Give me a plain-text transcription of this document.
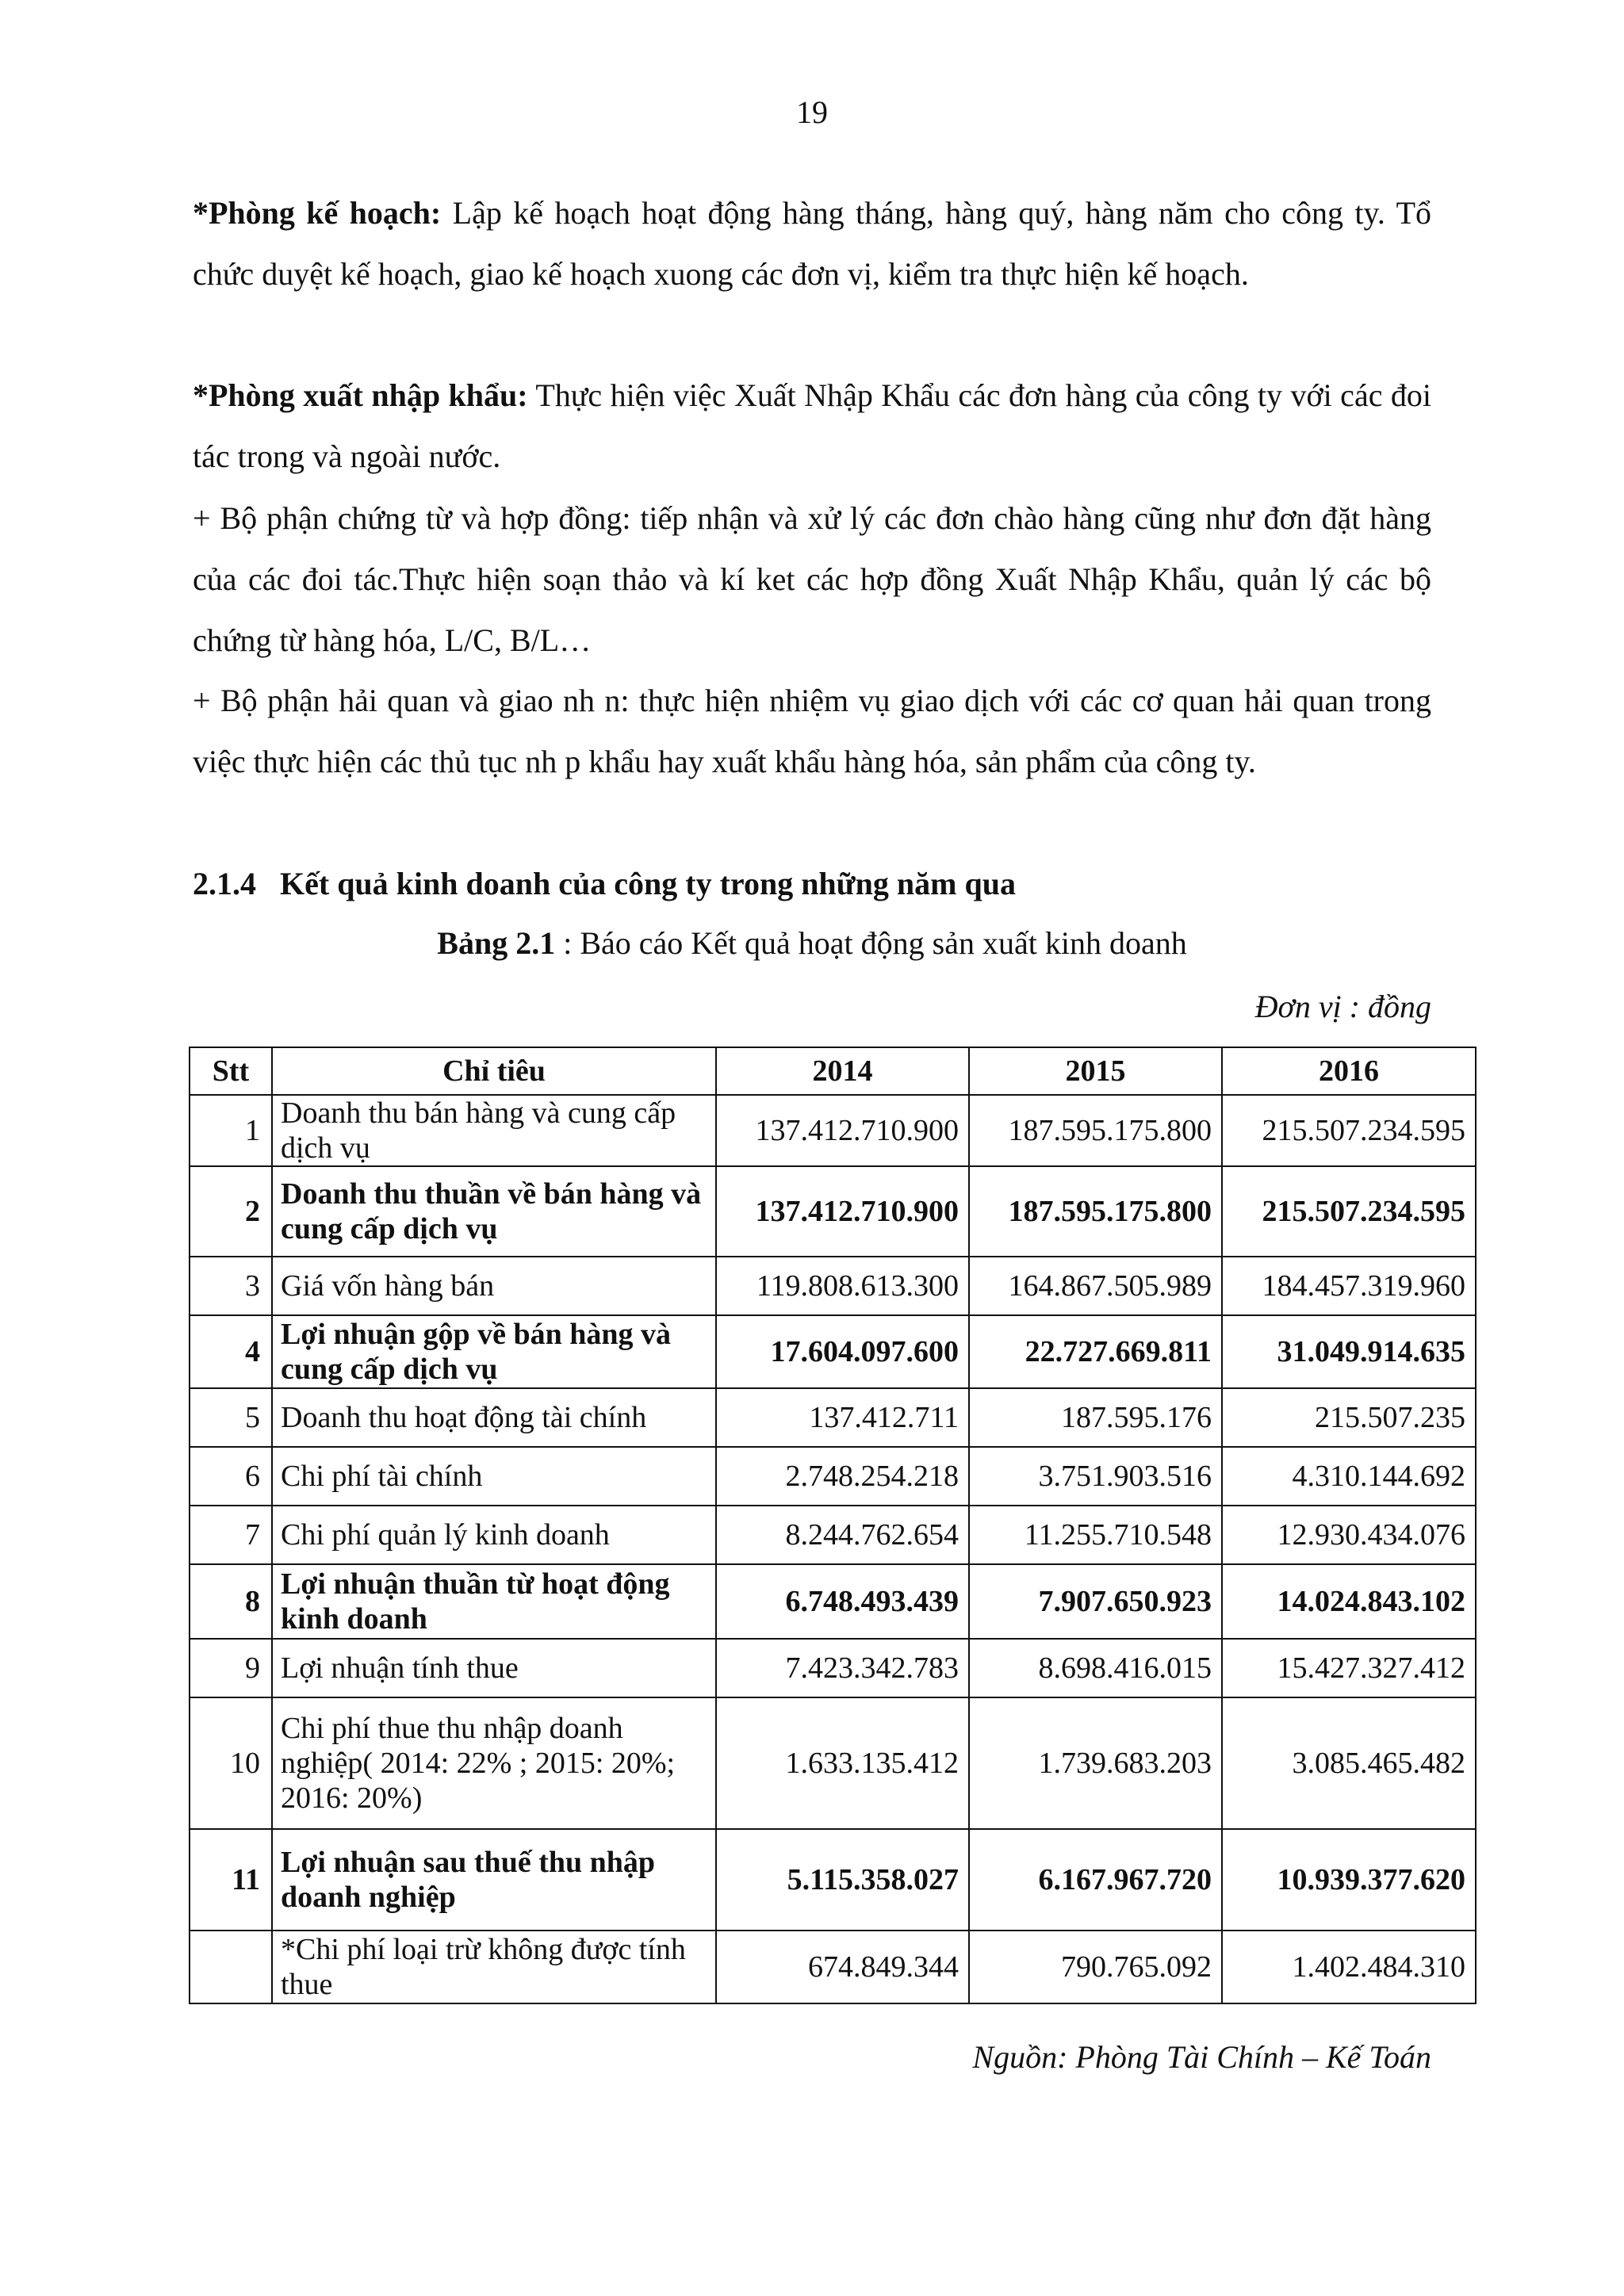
19

*Phòng kế hoạch: Lập kế hoạch hoạt động hàng tháng, hàng quý, hàng năm cho công ty. Tổ chức duyệt kế hoạch, giao kế hoạch xuong các đơn vị, kiểm tra thực hiện kế hoạch.

*Phòng xuất nhập khẩu: Thực hiện việc Xuất Nhập Khẩu các đơn hàng của công ty với các đoi tác trong và ngoài nước.

+ Bộ phận chứng từ và hợp đồng: tiếp nhận và xử lý các đơn chào hàng cũng như đơn đặt hàng của các đoi tác.Thực hiện soạn thảo và kí ket các hợp đồng Xuất Nhập Khẩu, quản lý các bộ chứng từ hàng hóa, L/C, B/L…

+ Bộ phận hải quan và giao nh n: thực hiện nhiệm vụ giao dịch với các cơ quan hải quan trong việc thực hiện các thủ tục nh p khẩu hay xuất khẩu hàng hóa, sản phẩm của công ty.

2.1.4   Kết quả kinh doanh của công ty trong những năm qua
Bảng 2.1 : Báo cáo Kết quả hoạt động sản xuất kinh doanh
Đơn vị : đồng
Stt	Chỉ tiêu	2014	2015	2016
1	Doanh thu bán hàng và cung cấp dịch vụ	137.412.710.900	187.595.175.800	215.507.234.595
2	Doanh thu thuần về bán hàng và cung cấp dịch vụ	137.412.710.900	187.595.175.800	215.507.234.595
3	Giá vốn hàng bán	119.808.613.300	164.867.505.989	184.457.319.960
4	Lợi nhuận gộp về bán hàng và cung cấp dịch vụ	17.604.097.600	22.727.669.811	31.049.914.635
5	Doanh thu hoạt động tài chính	137.412.711	187.595.176	215.507.235
6	Chi phí tài chính	2.748.254.218	3.751.903.516	4.310.144.692
7	Chi phí quản lý kinh doanh	8.244.762.654	11.255.710.548	12.930.434.076
8	Lợi nhuận thuần từ hoạt động kinh doanh	6.748.493.439	7.907.650.923	14.024.843.102
9	Lợi nhuận tính thue	7.423.342.783	8.698.416.015	15.427.327.412
10	Chi phí thue thu nhập doanh nghiệp( 2014: 22% ; 2015: 20%; 2016: 20%)	1.633.135.412	1.739.683.203	3.085.465.482
11	Lợi nhuận sau thuế thu nhập doanh nghiệp	5.115.358.027	6.167.967.720	10.939.377.620
	*Chi phí loại trừ không được tính thue	674.849.344	790.765.092	1.402.484.310
Nguồn: Phòng Tài Chính – Kế Toán
